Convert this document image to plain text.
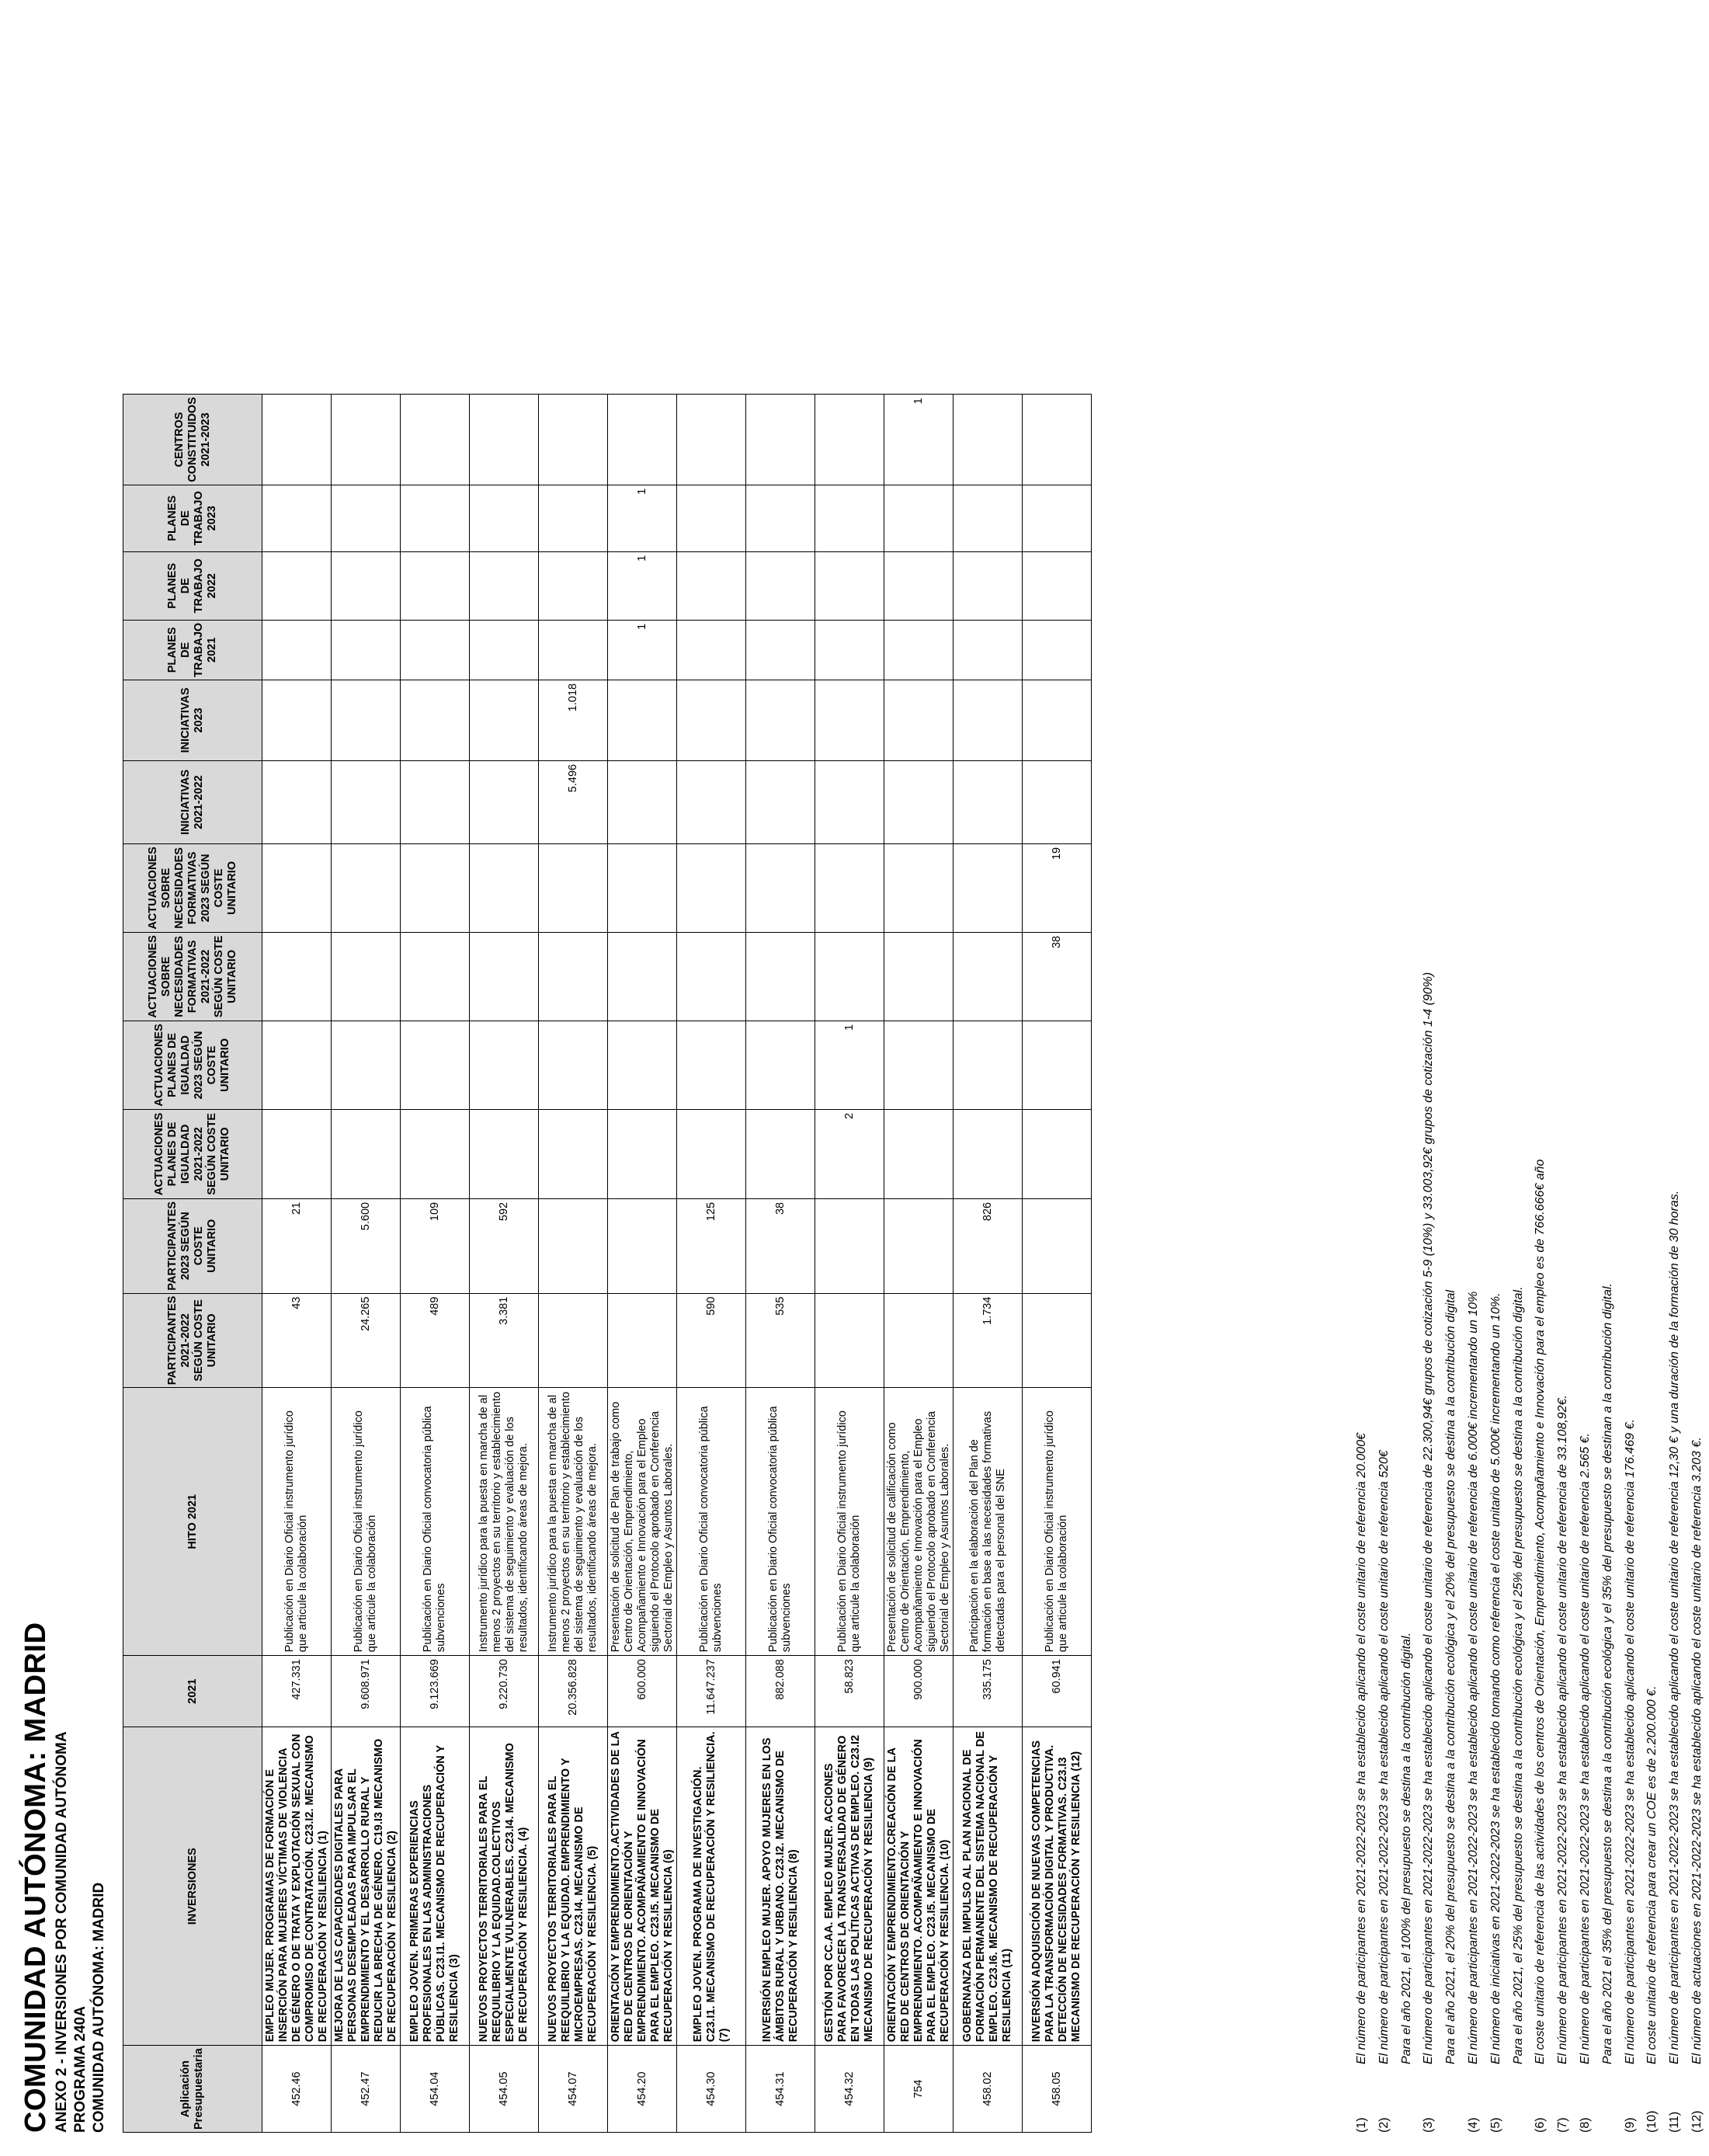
COMUNIDAD AUTÓNOMA: MADRID ANEXO 2 - INVERSIONES POR COMUNIDAD AUTÓNOMA PROGRAMA 240A COMUNIDAD AUTÓNOMA: MADRID	Aplicación Presupuestaria	INVERSIONES	2021	HITO 2021	PARTICIPANTES 2021-2022 SEGÚN COSTE UNITARIO	PARTICIPANTES 2023 SEGÚN COSTE UNITARIO	ACTUACIONES PLANES DE IGUALDAD 2021-2022 SEGÚN COSTE UNITARIO	ACTUACIONES PLANES DE IGUALDAD 2023 SEGÚN COSTE UNITARIO	ACTUACIONES SOBRE NECESIDADES FORMATIVAS 2021-2022 SEGÚN COSTE UNITARIO	ACTUACIONES SOBRE NECESIDADES FORMATIVAS 2023 SEGÚN COSTE UNITARIO	INICIATIVAS 2021-2022	INICIATIVAS 2023	PLANES DE TRABAJO 2021	PLANES DE TRABAJO 2022	PLANES DE TRABAJO 2023	CENTROS CONSTITUIDOS 2021-2023
452.46	EMPLEO MUJER. PROGRAMAS DE FORMACIÓN E INSERCIÓN PARA MUJERES VÍCTIMAS DE VIOLENCIA DE GÉNERO O DE TRATA Y EXPLOTACIÓN SEXUAL CON COMPROMISO DE CONTRATACIÓN. C23.I2. MECANISMO DE RECUPERACIÓN Y RESILIENCIA (1)	427.331	Publicación en Diario Oficial instrumento jurídico que articule la colaboración	43	21										
452.47	MEJORA DE LAS CAPACIDADES DIGITALES PARA PERSONAS DESEMPLEADAS PARA IMPULSAR EL EMPRENDIMIENTO Y EL DESARROLLO RURAL Y REDUCIR LA BRECHA DE GÉNERO. C19.I3 MECANISMO DE RECUPERACIÓN Y RESILIENCIA (2)	9.608.971	Publicación en Diario Oficial instrumento jurídico que articule la colaboración	24.265	5.600										
454.04	EMPLEO JOVEN. PRIMERAS EXPERIENCIAS PROFESIONALES EN LAS ADMINISTRACIONES PÚBLICAS. C23.I1. MECANISMO DE RECUPERACIÓN Y RESILIENCIA (3)	9.123.669	Publicación en Diario Oficial convocatoria pública subvenciones	489	109										
454.05	NUEVOS PROYECTOS TERRITORIALES PARA EL REEQUILIBRIO Y LA EQUIDAD.COLECTIVOS ESPECIALMENTE VULNERABLES. C23.I4. MECANISMO DE RECUPERACIÓN Y RESILIENCIA. (4)	9.220.730	Instrumento jurídico para la puesta en marcha de al menos 2 proyectos en su territorio y establecimiento del sistema de seguimiento y evaluación de los resultados, identificando áreas de mejora.	3.381	592										
454.07	NUEVOS PROYECTOS TERRITORIALES PARA EL REEQUILIBRIO Y LA EQUIDAD. EMPRENDIMIENTO Y MICROEMPRESAS. C23.I4. MECANISMO DE RECUPERACIÓN Y RESILIENCIA. (5)	20.356.828	Instrumento jurídico para la puesta en marcha de al menos 2 proyectos en su territorio y establecimiento del sistema de seguimiento y evaluación de los resultados, identificando áreas de mejora.							5.496	1.018				
454.20	ORIENTACIÓN Y EMPRENDIMIENTO.ACTIVIDADES DE LA RED DE CENTROS DE ORIENTACIÓN Y EMPRENDIMIENTO. ACOMPAÑAMIENTO E INNOVACIÓN PARA EL EMPLEO. C23.I5. MECANISMO DE RECUPERACIÓN Y RESILIENCIA (6)	600.000	Presentación de solicitud de Plan de trabajo como Centro de Orientación, Emprendimiento, Acompañamiento e Innovación para el Empleo siguiendo el Protocolo aprobado en Conferencia Sectorial de Empleo y Asuntos Laborales.									1	1	1	
454.30	EMPLEO JOVEN. PROGRAMA DE INVESTIGACIÓN. C23.I1. MECANISMO DE RECUPERACIÓN Y RESILIENCIA. (7)	11.647.237	Publicación en Diario Oficial convocatoria pública subvenciones	590	125										
454.31	INVERSIÓN EMPLEO MUJER. APOYO MUJERES EN LOS ÁMBITOS RURAL Y URBANO. C23.I2. MECANISMO DE RECUPERACIÓN Y RESILIENCIA (8)	882.088	Publicación en Diario Oficial convocatoria pública subvenciones	535	38										
454.32	GESTIÓN POR CC.AA. EMPLEO MUJER. ACCIONES PARA FAVORECER LA TRANSVERSALIDAD DE GÉNERO EN TODAS LAS POLÍTICAS ACTIVAS DE EMPLEO. C23.I2 MECANISMO DE RECUPERACIÓN Y RESILIENCIA (9)	58.823	Publicación en Diario Oficial instrumento jurídico que articule la colaboración			2	1								
754	ORIENTACIÓN Y EMPRENDIMIENTO.CREACIÓN DE LA RED DE CENTROS DE ORIENTACIÓN Y EMPRENDIMIENTO. ACOMPAÑAMIENTO E INNOVACIÓN PARA EL EMPLEO. C23.I5. MECANISMO DE RECUPERACIÓN Y RESILIENCIA. (10)	900.000	Presentación de solicitud de calificación como Centro de Orientación, Emprendimiento, Acompañamiento e Innovación para el Empleo siguiendo el Protocolo aprobado en Conferencia Sectorial de Empleo y Asuntos Laborales.												1
458.02	GOBERNANZA DEL IMPULSO AL PLAN NACIONAL DE FORMACIÓN PERMANENTE DEL SISTEMA NACIONAL DE EMPLEO. C23.I6. MECANISMO DE RECUPERACIÓN Y RESILIENCIA (11)	335.175	Participación en la elaboración del Plan de formación en base a las necesidades formativas detectadas para el personal del SNE	1.734	826										
458.05	INVERSIÓN ADQUISICIÓN DE NUEVAS COMPETENCIAS PARA LA TRANSFORMACIÓN DIGITAL Y PRODUCTIVA. DETECCIÓN DE NECESIDADES FORMATIVAS. C23.I3 MECANISMO DE RECUPERACIÓN Y RESILIENCIA (12)	60.941	Publicación en Diario Oficial instrumento jurídico que articule la colaboración					38	19						
(1)
El número de participantes en 2021-2022-2023 se ha establecido aplicando el coste unitario de referencia 20.000€
(2)
El número de participantes en 2021-2022-2023 se ha establecido aplicando el coste unitario de referencia 520€ Para el año 2021, el 100% del presupuesto se destina a la contribución digital.
(3)
El número de participantes en 2021-2022-2023 se ha establecido aplicando el coste unitario de referencia de 22.300,94€ grupos de cotización 5-9 (10%) y 33.003,92€ grupos de cotización 1-4 (90%) Para el año 2021, el 20% del presupuesto se destina a la contribución ecológica y el 20% del presupuesto se destina a la contribución digital
(4)
El número de participantes en 2021-2022-2023 se ha establecido aplicando el coste unitario de referencia de 6.000€ incrementando un 10%
(5)
El número de iniciativas en 2021-2022-2023 se ha establecido tomando como referencia el coste unitario de 5.000€ incrementando un 10%. Para el año 2021, el 25% del presupuesto se destina a la contribución ecológica y el 25% del presupuesto se destina a la contribución digital.
(6)
El coste unitario de referencia de las actividades de los centros de Orientación, Emprendimiento, Acompañamiento e Innovación para el empleo es de 766.666€ año
(7)
El número de participantes en 2021-2022-2023 se ha establecido aplicando el coste unitario de referencia de 33.108,92€.
(8)
El número de participantes en 2021-2022-2023 se ha establecido aplicando el coste unitario de referencia 2.565 €. Para el año 2021 el 35% del presupuesto se destina a la contribución ecológica y el 35% del presupuesto se destinan a la contribución digital.
(9)
El número de participantes en 2021-2022-2023 se ha establecido aplicando el coste unitario de referencia 176.469 €.
(10)
El coste unitario de referencia para crear un COE es de 2.200.000 €.
(11)
El número de participantes en 2021-2022-2023 se ha establecido aplicando el coste unitario de referencia 12,30 € y una duración de la formación de 30 horas.
(12)
El número de actuaciones en 2021-2022-2023 se ha establecido aplicando el coste unitario de referencia 3.203 €.
